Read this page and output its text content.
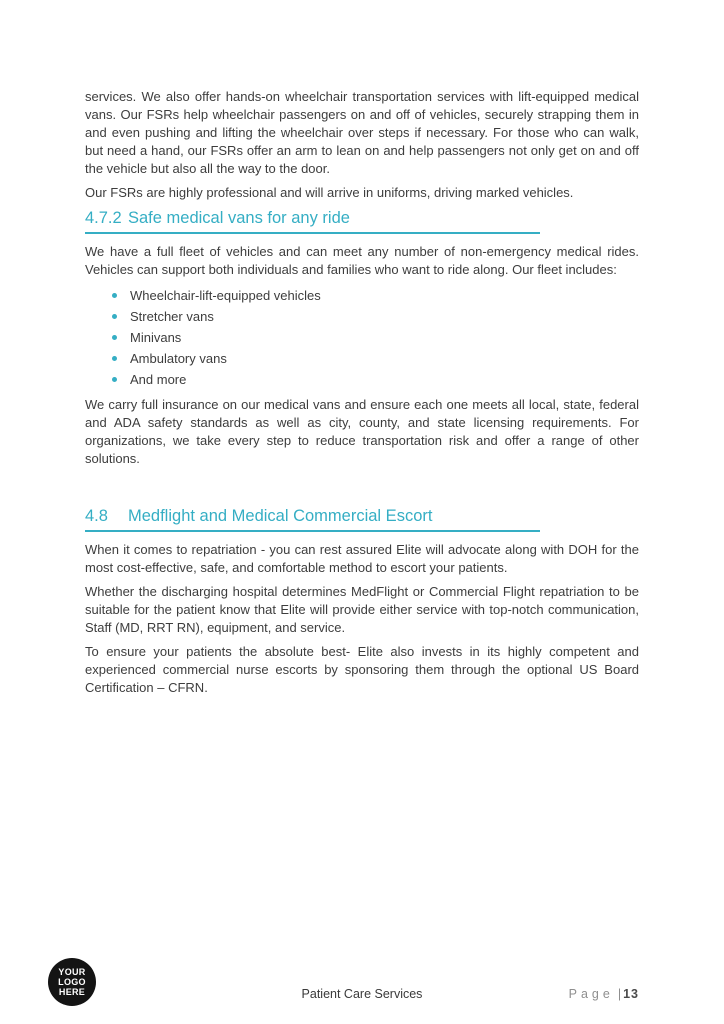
services. We also offer hands-on wheelchair transportation services with lift-equipped medical vans. Our FSRs help wheelchair passengers on and off of vehicles, securely strapping them in and even pushing and lifting the wheelchair over steps if necessary. For those who can walk, but need a hand, our FSRs offer an arm to lean on and help passengers not only get on and off the vehicle but also all the way to the door.

Our FSRs are highly professional and will arrive in uniforms, driving marked vehicles.

4.7.2 Safe medical vans for any ride

We have a full fleet of vehicles and can meet any number of non-emergency medical rides. Vehicles can support both individuals and families who want to ride along. Our fleet includes:

Wheelchair-lift-equipped vehicles
Stretcher vans
Minivans
Ambulatory vans
And more

We carry full insurance on our medical vans and ensure each one meets all local, state, federal and ADA safety standards as well as city, county, and state licensing requirements. For organizations, we take every step to reduce transportation risk and offer a range of other solutions.

4.8 Medflight and Medical Commercial Escort

When it comes to repatriation - you can rest assured Elite will advocate along with DOH for the most cost-effective, safe, and comfortable method to escort your patients.

Whether the discharging hospital determines MedFlight or Commercial Flight repatriation to be suitable for the patient know that Elite will provide either service with top-notch communication, Staff (MD, RRT RN), equipment, and service.

To ensure your patients the absolute best- Elite also invests in its highly competent and experienced commercial nurse escorts by sponsoring them through the optional US Board Certification – CFRN.

YOUR
LOGO
HERE	Patient Care Services	Page | 13
